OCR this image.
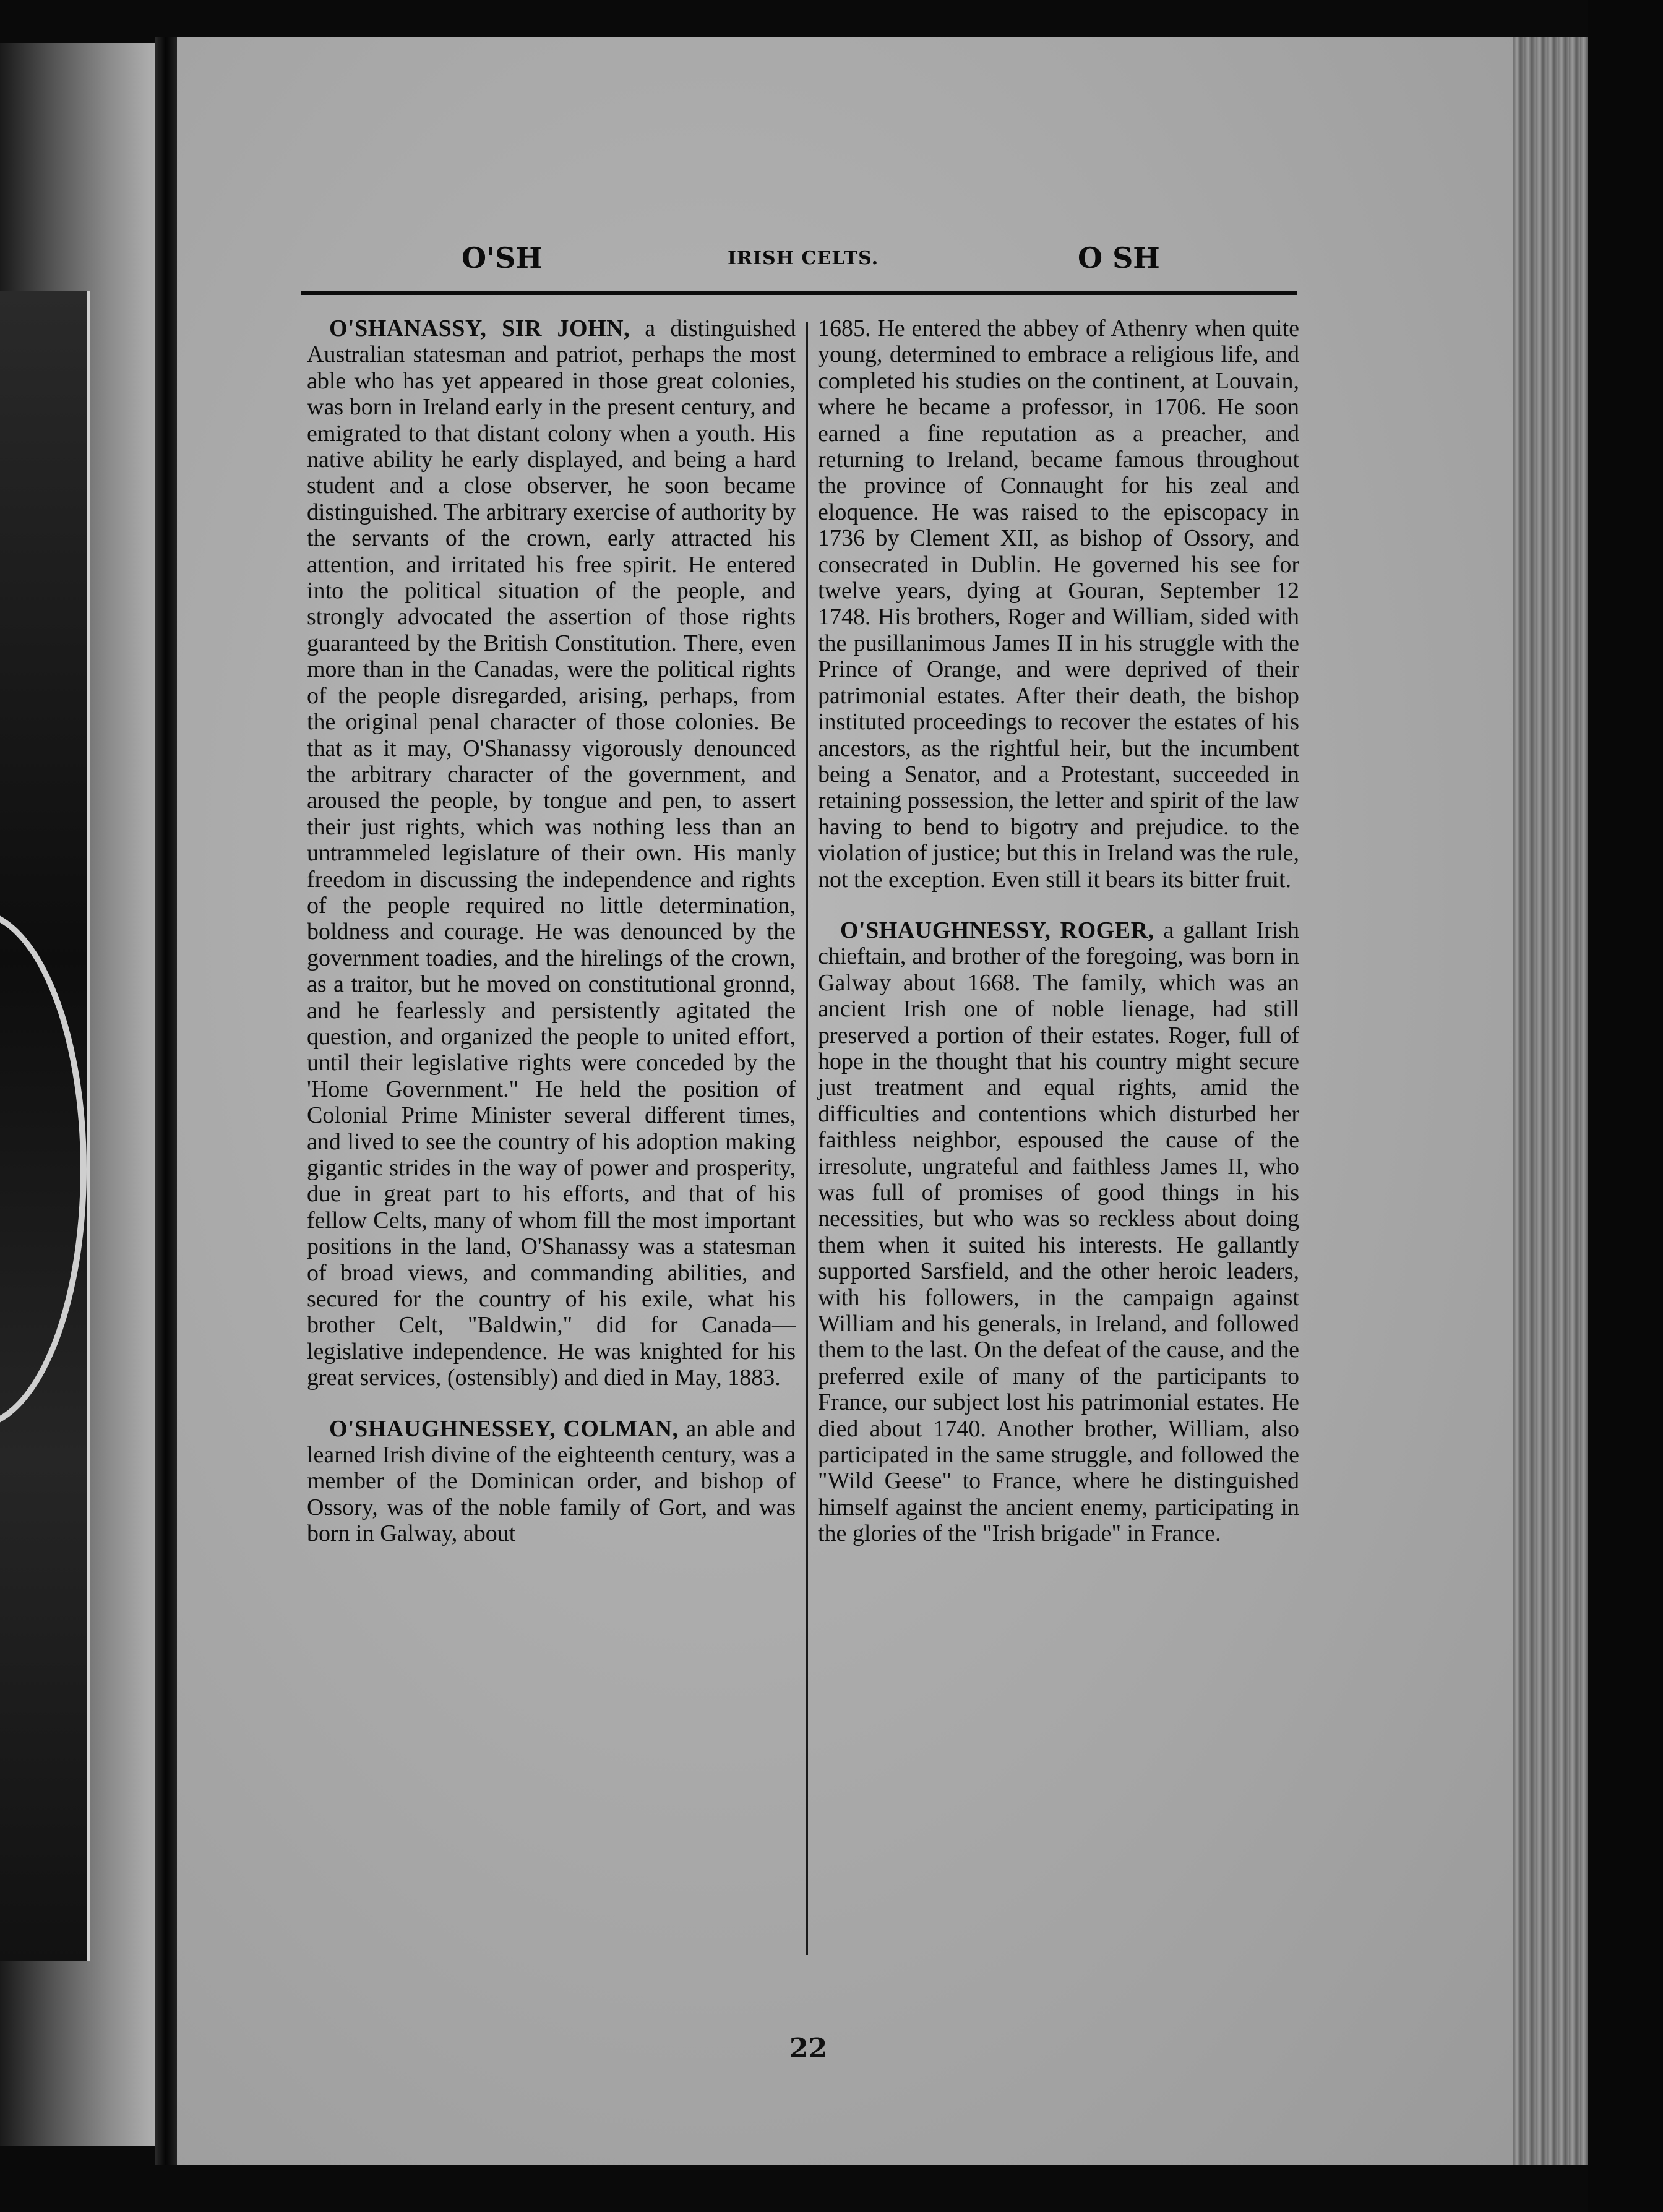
O'SH	IRISH CELTS.	O SH

O'SHANASSY, SIR JOHN, a distinguished Australian statesman and patriot, perhaps the most able who has yet appeared in those great colonies, was born in Ireland early in the present century, and emigrated to that distant colony when a youth. His native ability he early displayed, and being a hard student and a close observer, he soon became distinguished. The arbitrary exercise of authority by the servants of the crown, early attracted his attention, and irritated his free spirit. He entered into the political situation of the people, and strongly advocated the assertion of those rights guaranteed by the British Constitution. There, even more than in the Canadas, were the political rights of the people disregarded, arising, perhaps, from the original penal character of those colonies. Be that as it may, O'Shanassy vigorously denounced the arbitrary character of the government, and aroused the people, by tongue and pen, to assert their just rights, which was nothing less than an untrammeled legislature of their own. His manly freedom in discussing the independence and rights of the people required no little determination, boldness and courage. He was denounced by the government toadies, and the hirelings of the crown, as a traitor, but he moved on constitutional gronnd, and he fearlessly and persistently agitated the question, and organized the people to united effort, until their legislative rights were conceded by the 'Home Government." He held the position of Colonial Prime Minister several different times, and lived to see the country of his adoption making gigantic strides in the way of power and prosperity, due in great part to his efforts, and that of his fellow Celts, many of whom fill the most important positions in the land, O'Shanassy was a statesman of broad views, and commanding abilities, and secured for the country of his exile, what his brother Celt, "Baldwin," did for Canada—legislative independence. He was knighted for his great services, (ostensibly) and died in May, 1883.

O'SHAUGHNESSEY, COLMAN, an able and learned Irish divine of the eighteenth century, was a member of the Dominican order, and bishop of Ossory, was of the noble family of Gort, and was born in Galway, about

1685. He entered the abbey of Athenry when quite young, determined to embrace a religious life, and completed his studies on the continent, at Louvain, where he became a professor, in 1706. He soon earned a fine reputation as a preacher, and returning to Ireland, became famous throughout the province of Connaught for his zeal and eloquence. He was raised to the episcopacy in 1736 by Clement XII, as bishop of Ossory, and consecrated in Dublin. He governed his see for twelve years, dying at Gouran, September 12 1748. His brothers, Roger and William, sided with the pusillanimous James II in his struggle with the Prince of Orange, and were deprived of their patrimonial estates. After their death, the bishop instituted proceedings to recover the estates of his ancestors, as the rightful heir, but the incumbent being a Senator, and a Protestant, succeeded in retaining possession, the letter and spirit of the law having to bend to bigotry and prejudice. to the violation of justice; but this in Ireland was the rule, not the exception. Even still it bears its bitter fruit.

O'SHAUGHNESSY, ROGER, a gallant Irish chieftain, and brother of the foregoing, was born in Galway about 1668. The family, which was an ancient Irish one of noble lienage, had still preserved a portion of their estates. Roger, full of hope in the thought that his country might secure just treatment and equal rights, amid the difficulties and contentions which disturbed her faithless neighbor, espoused the cause of the irresolute, ungrateful and faithless James II, who was full of promises of good things in his necessities, but who was so reckless about doing them when it suited his interests. He gallantly supported Sarsfield, and the other heroic leaders, with his followers, in the campaign against William and his generals, in Ireland, and followed them to the last. On the defeat of the cause, and the preferred exile of many of the participants to France, our subject lost his patrimonial estates. He died about 1740. Another brother, William, also participated in the same struggle, and followed the "Wild Geese" to France, where he distinguished himself against the ancient enemy, participating in the glories of the "Irish brigade" in France.

22
